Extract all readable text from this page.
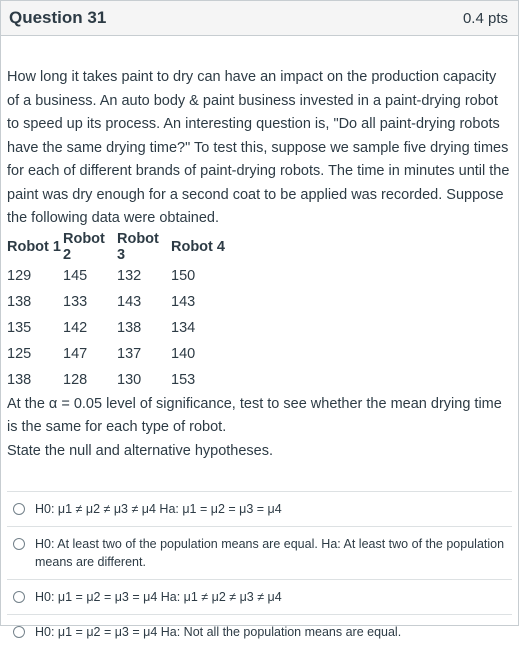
Question 31	0.4 pts

How long it takes paint to dry can have an impact on the production capacity of a business. An auto body & paint business invested in a paint-drying robot to speed up its process. An interesting question is, "Do all paint-drying robots have the same drying time?" To test this, suppose we sample five drying times for each of different brands of paint-drying robots. The time in minutes until the paint was dry enough for a second coat to be applied was recorded. Suppose the following data were obtained.

Robot 1	Robot 2	Robot 3	Robot 4
129	145	132	150
138	133	143	143
135	142	138	134
125	147	137	140
138	128	130	153

At the α = 0.05 level of significance, test to see whether the mean drying time is the same for each type of robot.

State the null and alternative hypotheses.

H0: μ1 ≠ μ2 ≠ μ3 ≠ μ4 Ha: μ1 = μ2 = μ3 = μ4
H0: At least two of the population means are equal. Ha: At least two of the population means are different.
H0: μ1 = μ2 = μ3 = μ4 Ha: μ1 ≠ μ2 ≠ μ3 ≠ μ4
H0: μ1 = μ2 = μ3 = μ4 Ha: Not all the population means are equal.
